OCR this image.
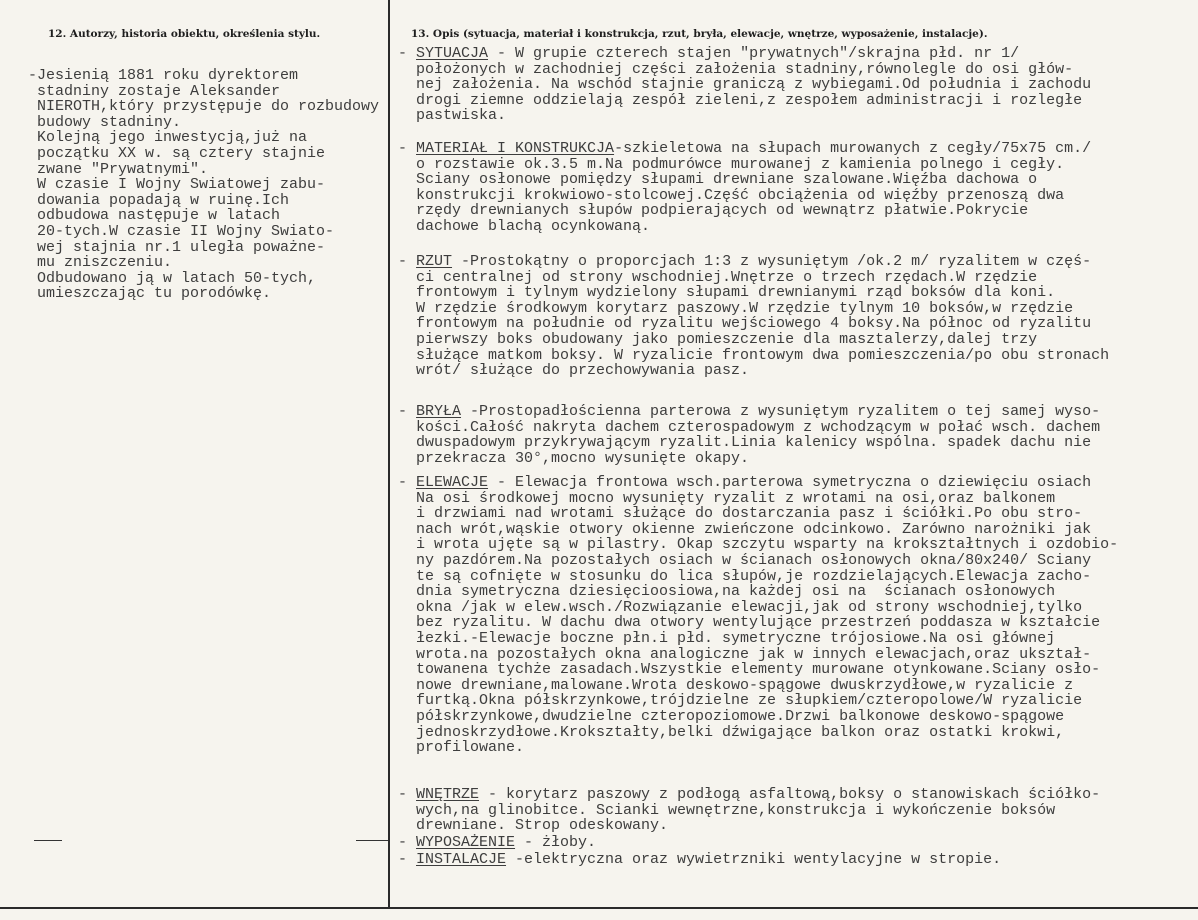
12. Autorzy, historia obiektu, określenia stylu.	13. Opis (sytuacja, materiał i konstrukcja, rzut, bryła, elewacje, wnętrze, wyposażenie, instalacje).
-Jesienią 1881 roku dyrektorem
stadniny zostaje Aleksander
NIEROTH,który przystępuje do rozbudowy
budowy stadniny.
Kolejną jego inwestycją,już na
początku XX w. są cztery stajnie
zwane "Prywatnymi".
W czasie I Wojny Swiatowej zabu-
dowania popadają w ruinę.Ich
odbudowa następuje w latach
20-tych.W czasie II Wojny Swiato-
wej stajnia nr.1 uległa poważne-
mu zniszczeniu.
Odbudowano ją w latach 50-tych,
umieszczając tu porodówkę.
- SYTUACJA - W grupie czterech stajen "prywatnych"/skrajna płd. nr 1/
położonych w zachodniej części założenia stadniny,równolegle do osi głów-
nej założenia. Na wschód stajnie graniczą z wybiegami.Od południa i zachodu
drogi ziemne oddzielają zespół zieleni,z zespołem administracji i rozległe
pastwiska.
- MATERIAŁ I KONSTRUKCJA-szkieletowa na słupach murowanych z cegły/75x75 cm./
o rozstawie ok.3.5 m.Na podmurówce murowanej z kamienia polnego i cegły.
Sciany osłonowe pomiędzy słupami drewniane szalowane.Więźba dachowa o
konstrukcji krokwiowo-stolcowej.Część obciążenia od więźby przenoszą dwa
rzędy drewnianych słupów podpierających od wewnątrz płatwie.Pokrycie
dachowe blachą ocynkowaną.
- RZUT -Prostokątny o proporcjach 1:3 z wysuniętym /ok.2 m/ ryzalitem w częś-
ci centralnej od strony wschodniej.Wnętrze o trzech rzędach.W rzędzie
frontowym i tylnym wydzielony słupami drewnianymi rząd boksów dla koni.
W rzędzie środkowym korytarz paszowy.W rzędzie tylnym 10 boksów,w rzędzie
frontowym na południe od ryzalitu wejściowego 4 boksy.Na północ od ryzalitu
pierwszy boks obudowany jako pomieszczenie dla masztalerzy,dalej trzy
służące matkom boksy. W ryzalicie frontowym dwa pomieszczenia/po obu stronach
wrót/ służące do przechowywania pasz.
- BRYŁA -Prostopadłościenna parterowa z wysuniętym ryzalitem o tej samej wyso-
kości.Całość nakryta dachem czterospadowym z wchodzącym w połać wsch. dachem
dwuspadowym przykrywającym ryzalit.Linia kalenicy wspólna. spadek dachu nie
przekracza 30°,mocno wysunięte okapy.
- ELEWACJE - Elewacja frontowa wsch.parterowa symetryczna o dziewięciu osiach
Na osi środkowej mocno wysunięty ryzalit z wrotami na osi,oraz balkonem
i drzwiami nad wrotami służące do dostarczania pasz i ściółki.Po obu stro-
nach wrót,wąskie otwory okienne zwieńczone odcinkowo. Zarówno narożniki jak
i wrota ujęte są w pilastry. Okap szczytu wsparty na krokształtnych i ozdobio-
ny pazdórem.Na pozostałych osiach w ścianach osłonowych okna/80x240/ Sciany
te są cofnięte w stosunku do lica słupów,je rozdzielających.Elewacja zacho-
dnia symetryczna dziesięcioosiowa,na każdej osi na  ścianach osłonowych
okna /jak w elew.wsch./Rozwiązanie elewacji,jak od strony wschodniej,tylko
bez ryzalitu. W dachu dwa otwory wentylujące przestrzeń poddasza w kształcie
łezki.-Elewacje boczne płn.i płd. symetryczne trójosiowe.Na osi głównej
wrota.na pozostałych okna analogiczne jak w innych elewacjach,oraz ukształ-
towanena tychże zasadach.Wszystkie elementy murowane otynkowane.Sciany osło-
nowe drewniane,malowane.Wrota deskowo-spągowe dwuskrzydłowe,w ryzalicie z
furtką.Okna półskrzynkowe,trójdzielne ze słupkiem/czteropolowe/W ryzalicie
półskrzynkowe,dwudzielne czteropoziomowe.Drzwi balkonowe deskowo-spągowe
jednoskrzydłowe.Krokształty,belki dźwigające balkon oraz ostatki krokwi,
profilowane.
- WNĘTRZE - korytarz paszowy z podłogą asfaltową,boksy o stanowiskach ściółko-
wych,na glinobitce. Scianki wewnętrzne,konstrukcja i wykończenie boksów
drewniane. Strop odeskowany.
- WYPOSAŻENIE - żłoby.
- INSTALACJE -elektryczna oraz wywietrzniki wentylacyjne w stropie.
